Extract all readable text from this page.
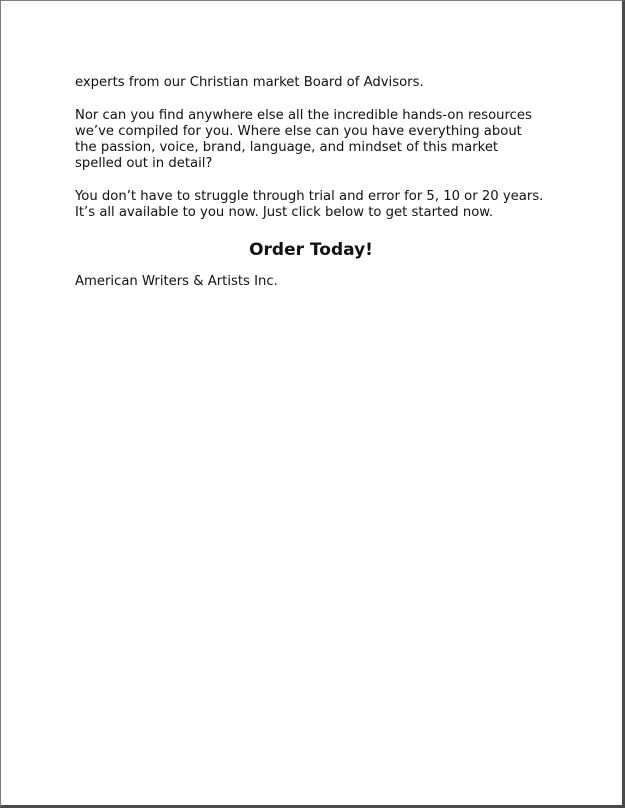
experts from our Christian market Board of Advisors.

Nor can you find anywhere else all the incredible hands-on resources we’ve compiled for you. Where else can you have everything about the passion, voice, brand, language, and mindset of this market spelled out in detail?

You don’t have to struggle through trial and error for 5, 10 or 20 years. It’s all available to you now. Just click below to get started now.

Order Today!

American Writers & Artists Inc.
